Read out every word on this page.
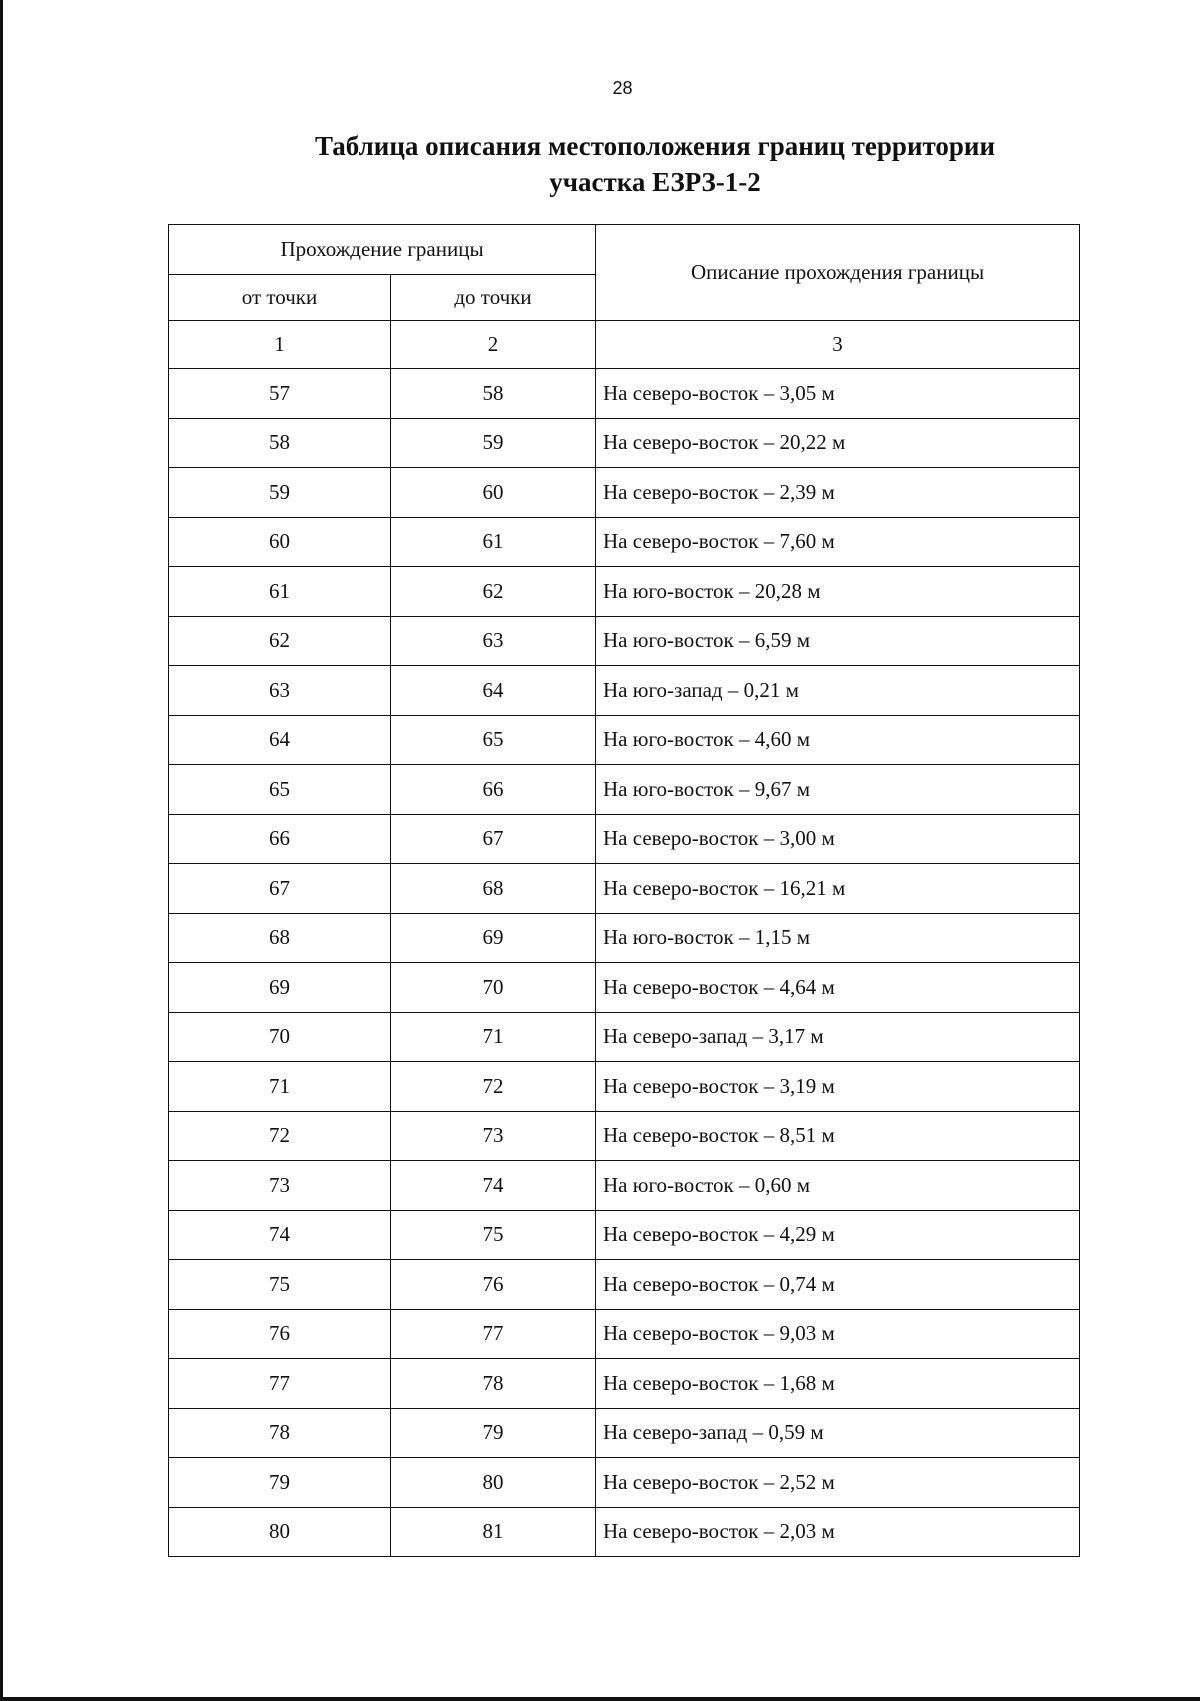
28
Таблица описания местоположения границ территории
участка ЕЗРЗ-1-2
Прохождение границы		Описание прохождения границы
от точки	до точки	
1	2	3
57	58	На северо-восток – 3,05 м
58	59	На северо-восток – 20,22 м
59	60	На северо-восток – 2,39 м
60	61	На северо-восток – 7,60 м
61	62	На юго-восток – 20,28 м
62	63	На юго-восток – 6,59 м
63	64	На юго-запад – 0,21 м
64	65	На юго-восток – 4,60 м
65	66	На юго-восток – 9,67 м
66	67	На северо-восток – 3,00 м
67	68	На северо-восток – 16,21 м
68	69	На юго-восток – 1,15 м
69	70	На северо-восток – 4,64 м
70	71	На северо-запад – 3,17 м
71	72	На северо-восток – 3,19 м
72	73	На северо-восток – 8,51 м
73	74	На юго-восток – 0,60 м
74	75	На северо-восток – 4,29 м
75	76	На северо-восток – 0,74 м
76	77	На северо-восток – 9,03 м
77	78	На северо-восток – 1,68 м
78	79	На северо-запад – 0,59 м
79	80	На северо-восток – 2,52 м
80	81	На северо-восток – 2,03 м
